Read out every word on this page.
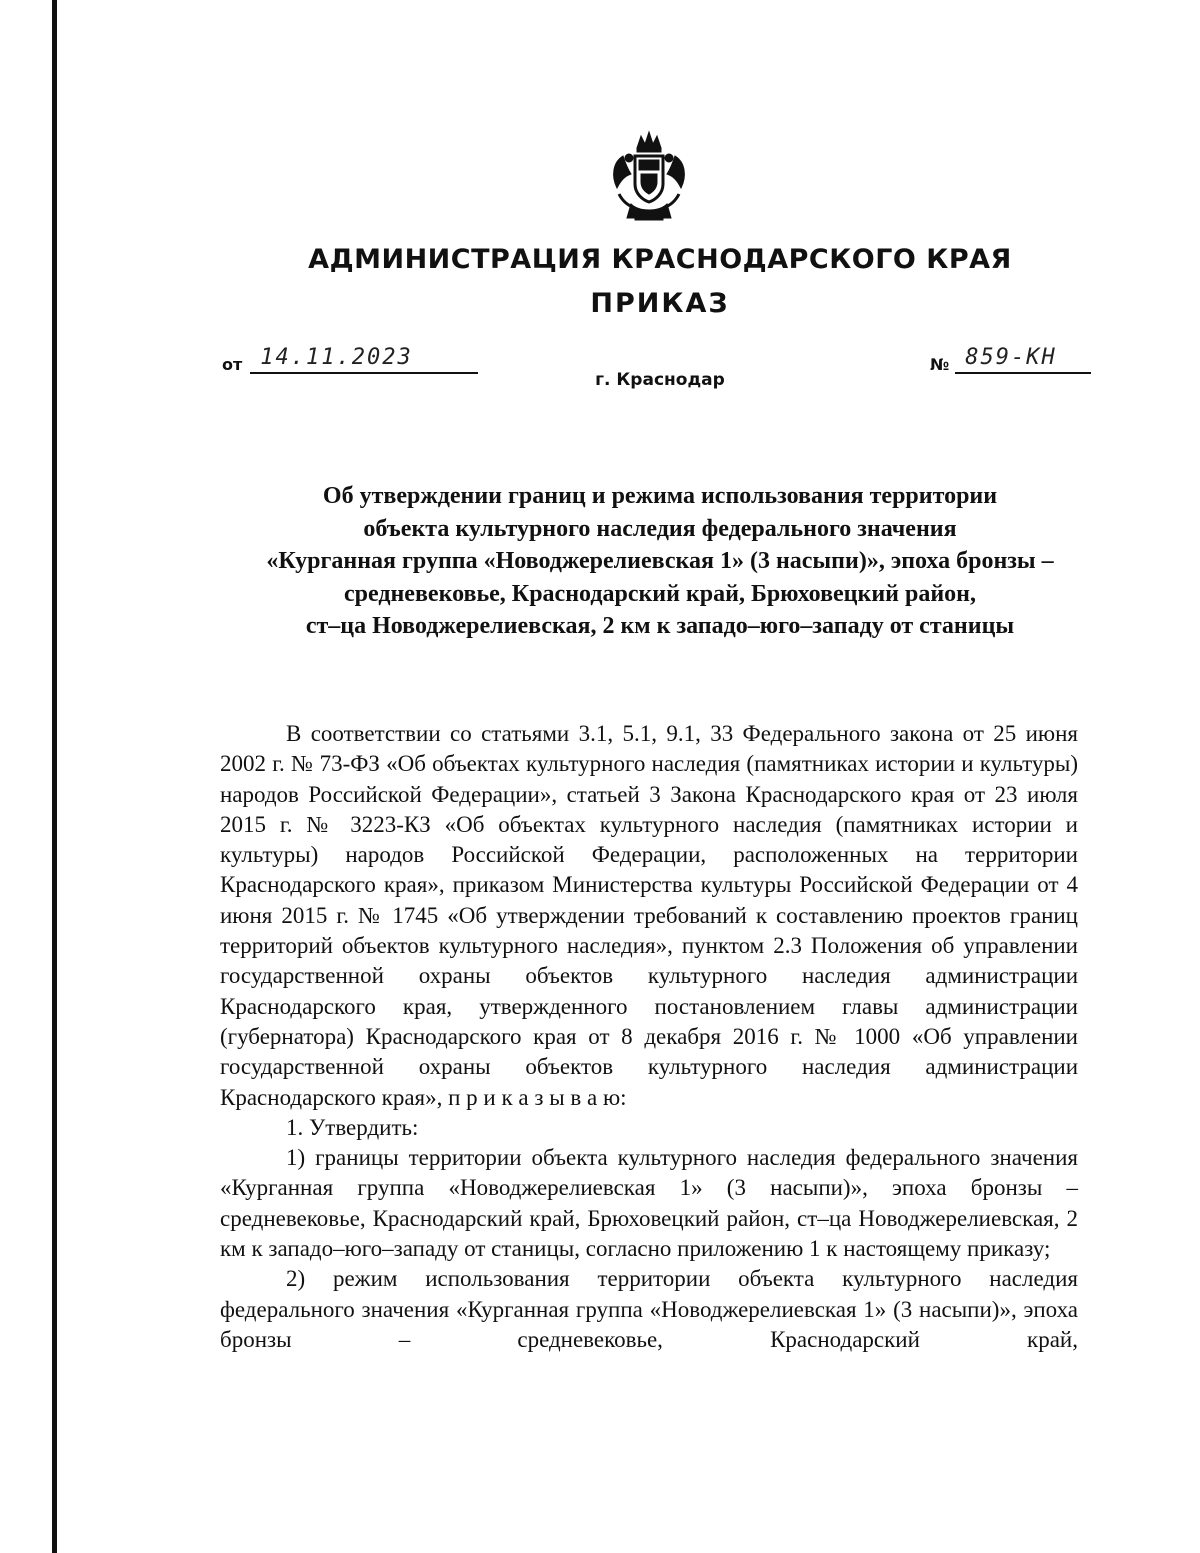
АДМИНИСТРАЦИЯ КРАСНОДАРСКОГО КРАЯ
ПРИКАЗ
от 14.11.2023	№ 859-КН
г. Краснодар
Об утверждении границ и режима использования территории
объекта культурного наследия федерального значения
«Курганная группа «Новоджерелиевская 1» (3 насыпи)», эпоха бронзы –
средневековье, Краснодарский край, Брюховецкий район,
ст–ца Новоджерелиевская, 2 км к западо–юго–западу от станицы

В соответствии со статьями 3.1, 5.1, 9.1, 33 Федерального закона от 25 июня 2002 г. № 73-ФЗ «Об объектах культурного наследия (памятниках истории и культуры) народов Российской Федерации», статьей 3 Закона Краснодарского края от 23 июля 2015 г. № 3223-КЗ «Об объектах культурного наследия (памятниках истории и культуры) народов Российской Федерации, расположенных на территории Краснодарского края», приказом Министерства культуры Российской Федерации от 4 июня 2015 г. № 1745 «Об утверждении требований к составлению проектов границ территорий объектов культурного наследия», пунктом 2.3 Положения об управлении государственной охраны объектов культурного наследия администрации Краснодарского края, утвержденного постановлением главы администрации (губернатора) Краснодарского края от 8 декабря 2016 г. № 1000 «Об управлении государственной охраны объектов культурного наследия администрации Краснодарского края», п р и к а з ы в а ю:

1. Утвердить:

1) границы территории объекта культурного наследия федерального значения «Курганная группа «Новоджерелиевская 1» (3 насыпи)», эпоха бронзы – средневековье, Краснодарский край, Брюховецкий район, ст–ца Новоджерелиевская, 2 км к западо–юго–западу от станицы, согласно приложению 1 к настоящему приказу;

2) режим использования территории объекта культурного наследия федерального значения «Курганная группа «Новоджерелиевская 1» (3 насыпи)», эпоха бронзы – средневековье, Краснодарский край,
